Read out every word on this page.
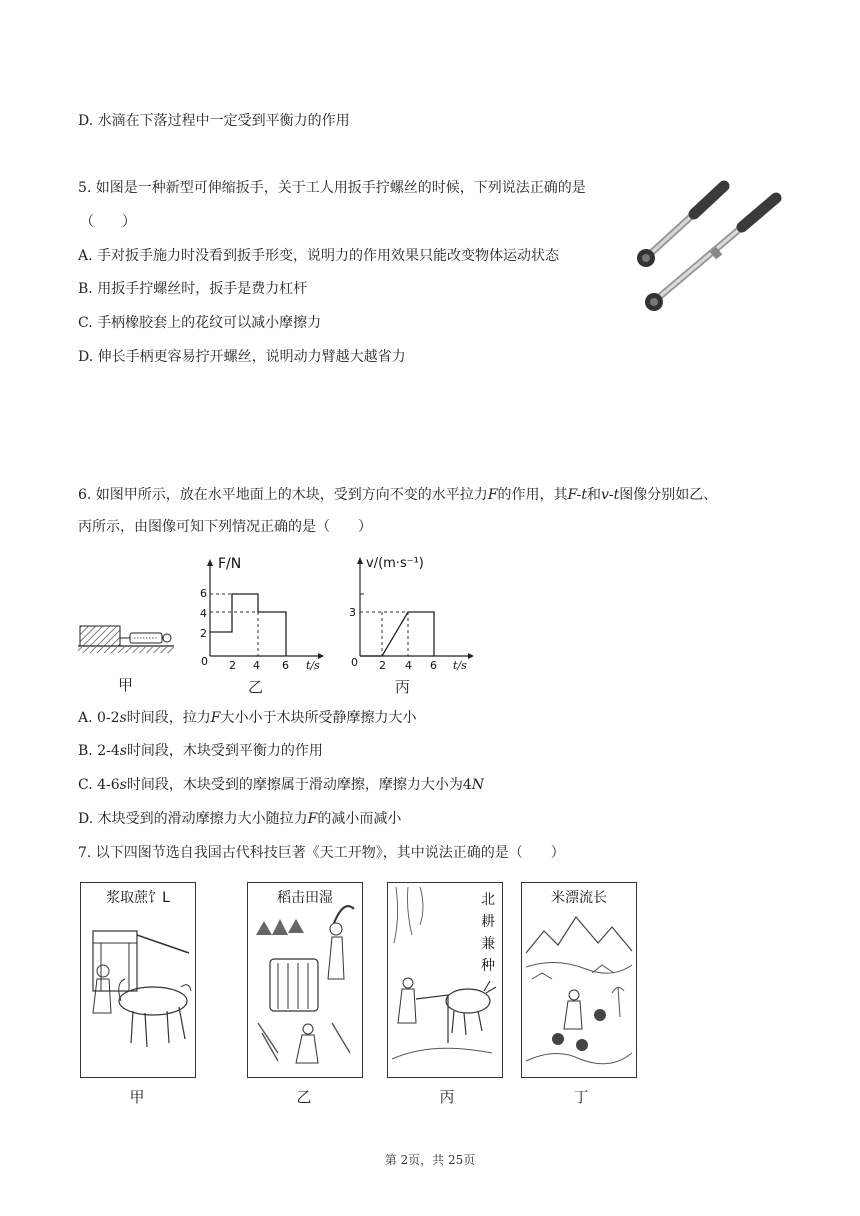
D. 水滴在下落过程中一定受到平衡力的作用
5. 如图是一种新型可伸缩扳手，关于工人用扳手拧螺丝的时候，下列说法正确的是
（　　）
A. 手对扳手施力时没看到扳手形变，说明力的作用效果只能改变物体运动状态
B. 用扳手拧螺丝时，扳手是费力杠杆
C. 手柄橡胶套上的花纹可以减小摩擦力
D. 伸长手柄更容易拧开螺丝，说明动力臂越大越省力
6. 如图甲所示，放在水平地面上的木块，受到方向不变的水平拉力F的作用，其F-t和v-t图像分别如乙、
丙所示，由图像可知下列情况正确的是（　　）
甲
F/N
0
2
4
6
2 4 6 t/s
乙
v/(m·s⁻¹)
0
3
2 4 6 t/s
丙
A. 0-2s时间段，拉力F大小小于木块所受静摩擦力大小
B. 2-4s时间段，木块受到平衡力的作用
C. 4-6s时间段，木块受到的摩擦属于滑动摩擦，摩擦力大小为4N
D. 木块受到的滑动摩擦力大小随拉力F的减小而减小
7. 以下四图节选自我国古代科技巨著《天工开物》，其中说法正确的是（　　）
浆取蔗饣L
甲
稻击田湿
乙
北耕兼种
丙
米漂流长
丁
第 2页，共 25页
